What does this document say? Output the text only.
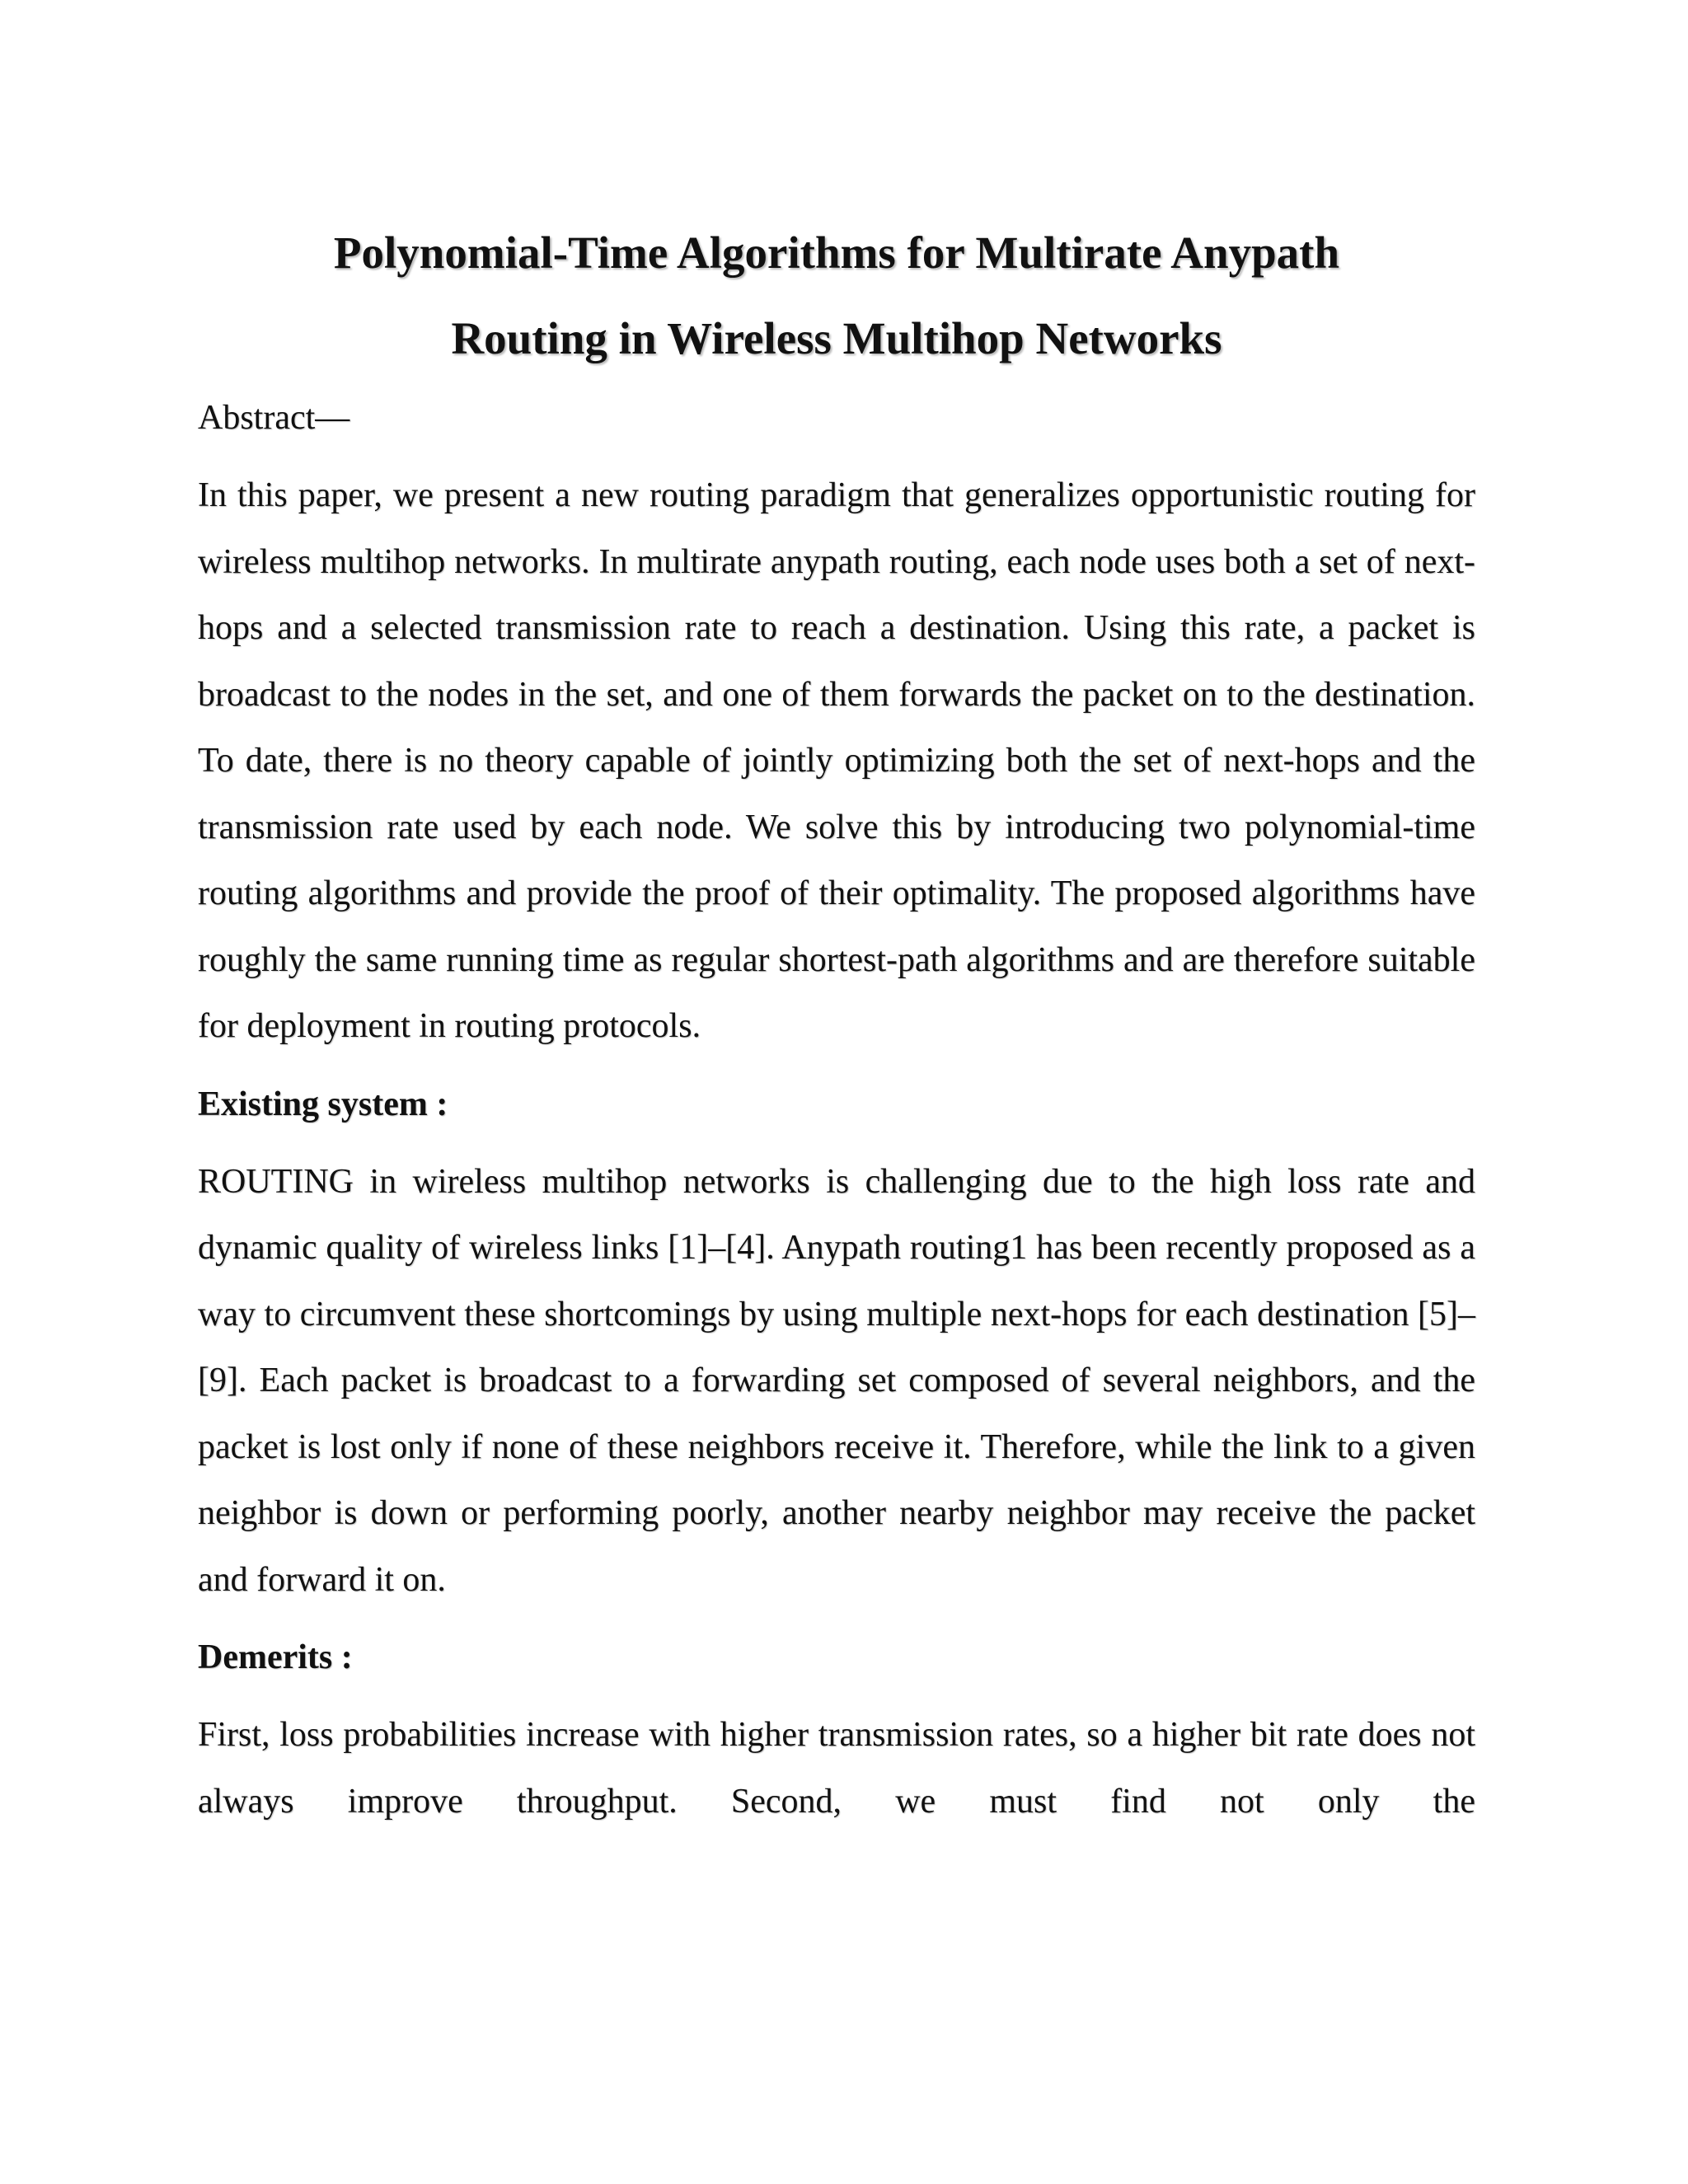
Polynomial-Time Algorithms for Multirate Anypath
Routing in Wireless Multihop Networks
Abstract—

In this paper, we present a new routing paradigm that generalizes opportunistic routing for wireless multihop networks. In multirate anypath routing, each node uses both a set of next-hops and a selected transmission rate to reach a destination. Using this rate, a packet is broadcast to the nodes in the set, and one of them forwards the packet on to the destination. To date, there is no theory capable of jointly optimizing both the set of next-hops and the transmission rate used by each node. We solve this by introducing two polynomial-time routing algorithms and provide the proof of their optimality. The proposed algorithms have roughly the same running time as regular shortest-path algorithms and are therefore suitable for deployment in routing protocols.

Existing system :

ROUTING in wireless multihop networks is challenging due to the high loss rate and dynamic quality of wireless links [1]–[4]. Anypath routing1 has been recently proposed as a way to circumvent these shortcomings by using multiple next-hops for each destination [5]–[9]. Each packet is broadcast to a forwarding set composed of several neighbors, and the packet is lost only if none of these neighbors receive it. Therefore, while the link to a given neighbor is down or performing poorly, another nearby neighbor may receive the packet and forward it on.

Demerits :

First, loss probabilities increase with higher transmission rates, so a higher bit rate does not always improve throughput. Second, we must find not only the
